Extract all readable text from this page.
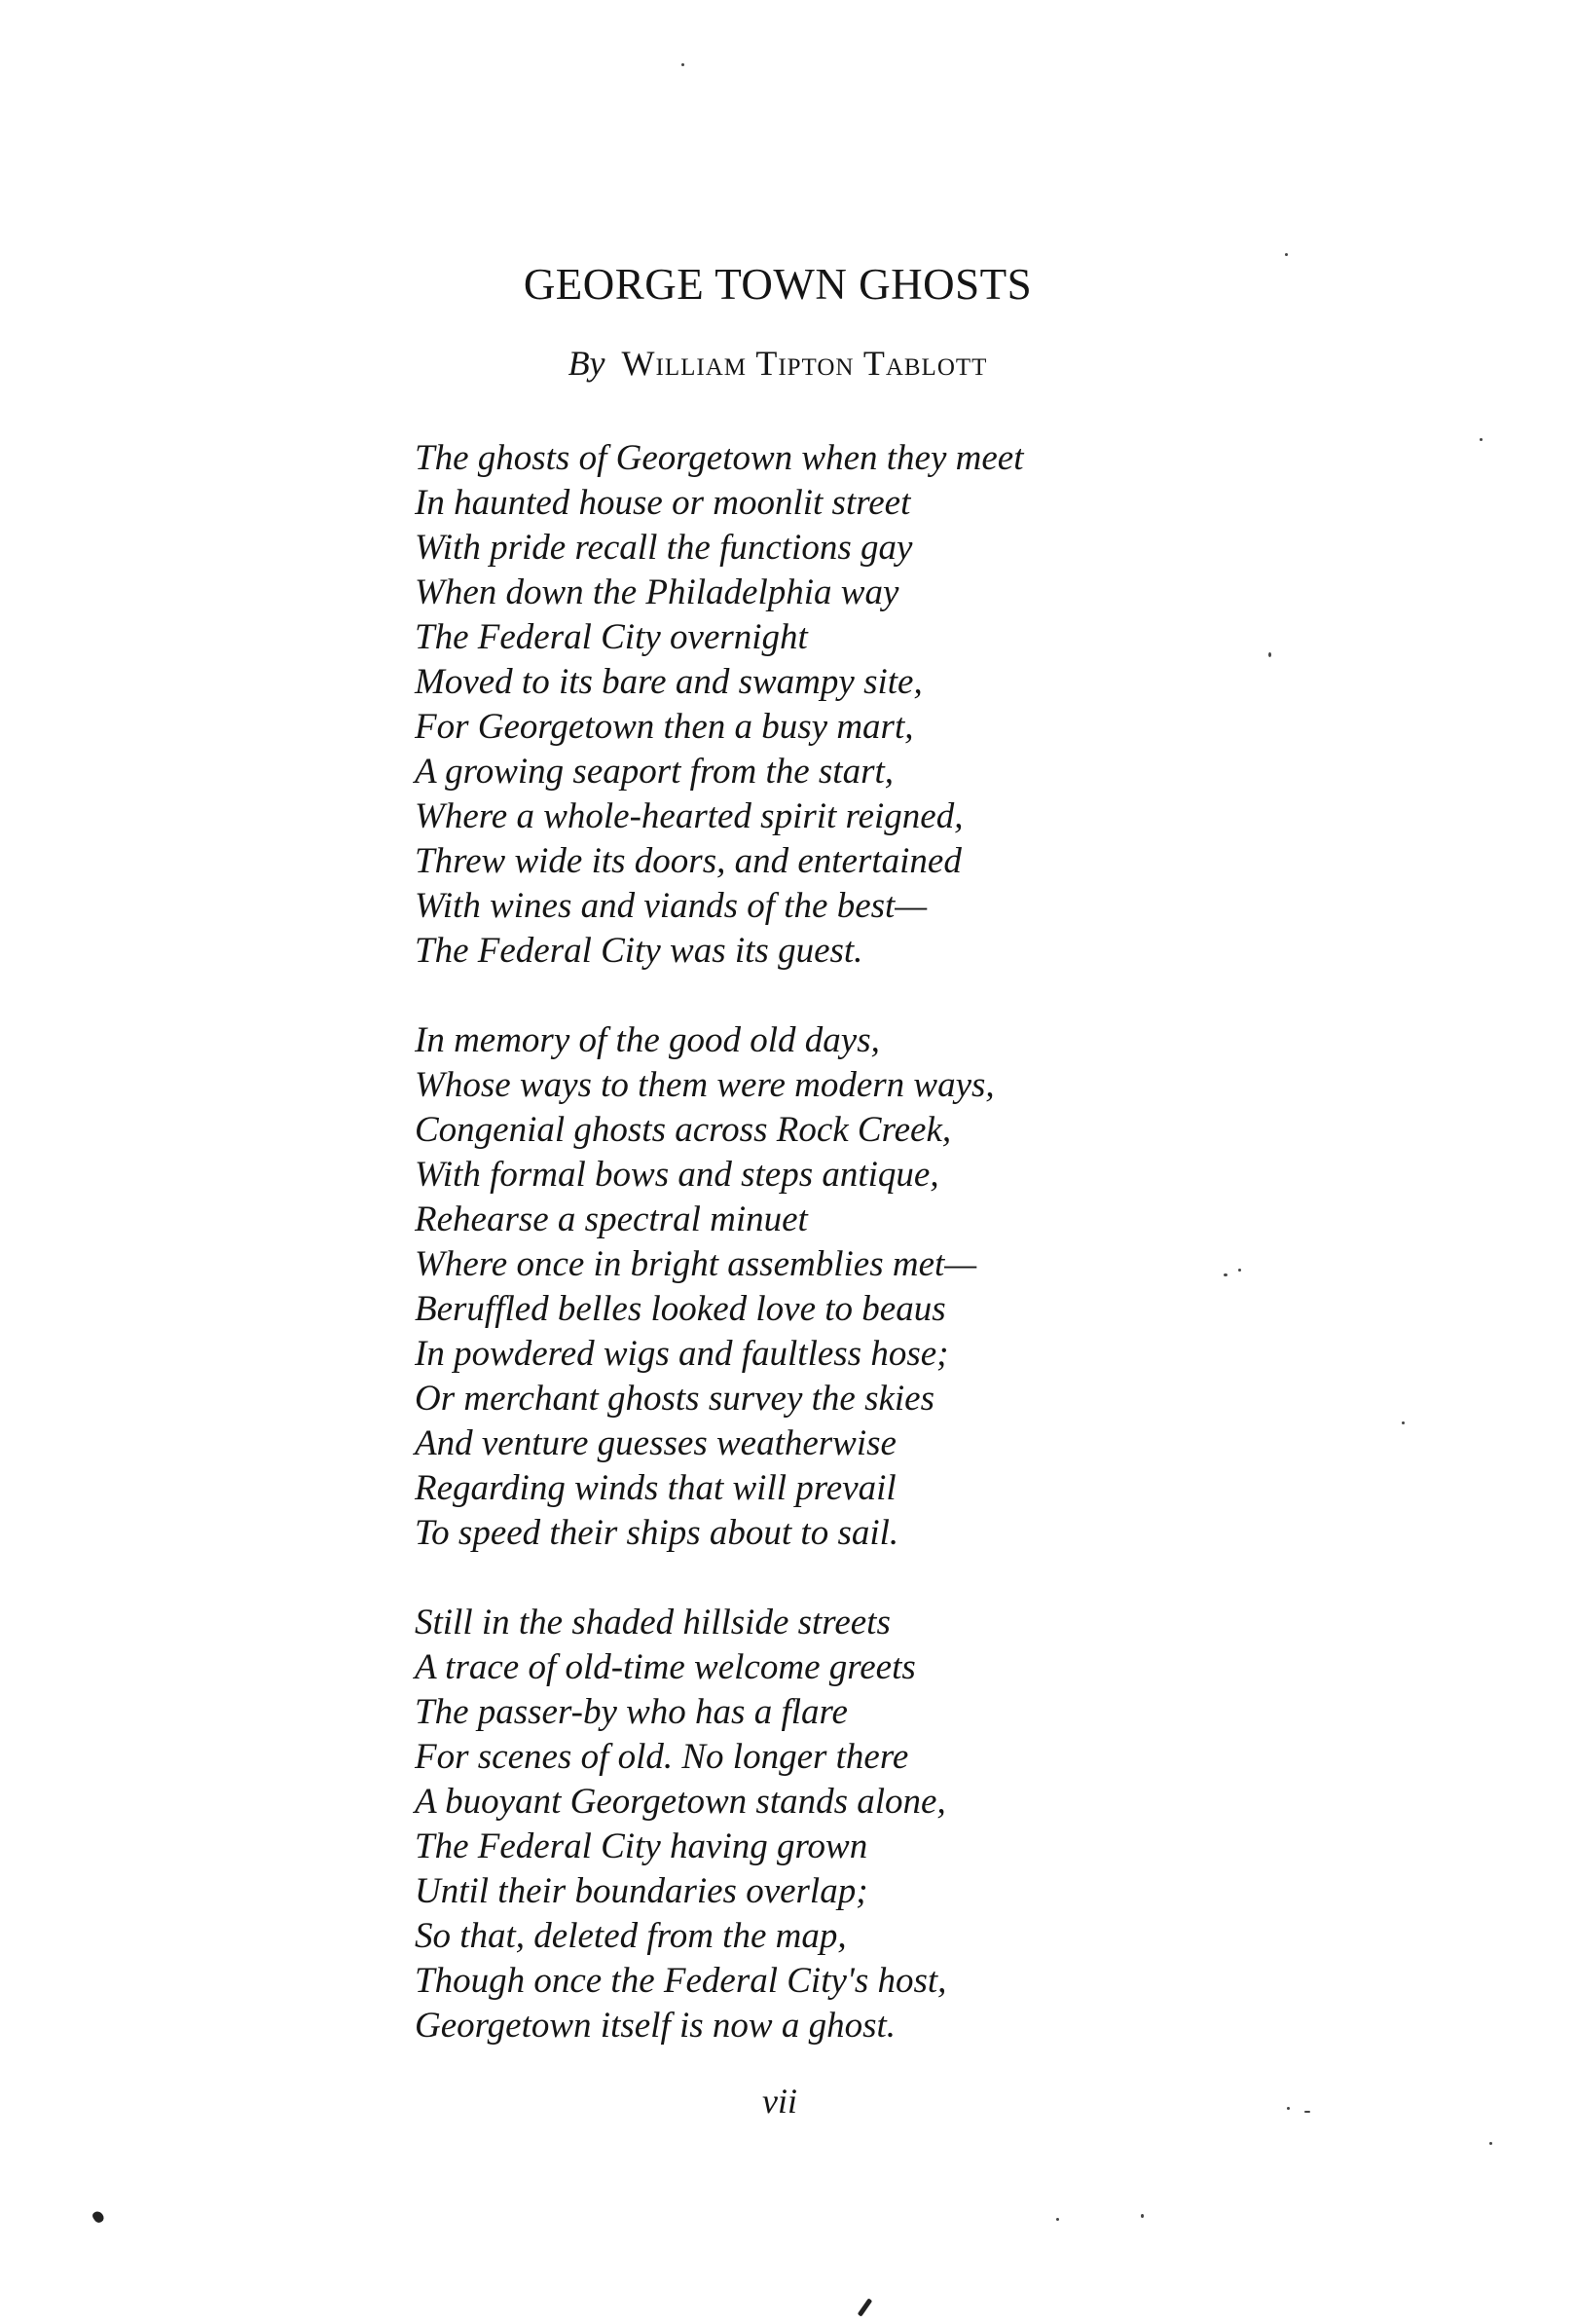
GEORGE TOWN GHOSTS
By William Tipton Tablott
The ghosts of Georgetown when they meet
In haunted house or moonlit street
With pride recall the functions gay
When down the Philadelphia way
The Federal City overnight
Moved to its bare and swampy site,
For Georgetown then a busy mart,
A growing seaport from the start,
Where a whole-hearted spirit reigned,
Threw wide its doors, and entertained
With wines and viands of the best—
The Federal City was its guest.
In memory of the good old days,
Whose ways to them were modern ways,
Congenial ghosts across Rock Creek,
With formal bows and steps antique,
Rehearse a spectral minuet
Where once in bright assemblies met—
Beruffled belles looked love to beaus
In powdered wigs and faultless hose;
Or merchant ghosts survey the skies
And venture guesses weatherwise
Regarding winds that will prevail
To speed their ships about to sail.
Still in the shaded hillside streets
A trace of old-time welcome greets
The passer-by who has a flare
For scenes of old. No longer there
A buoyant Georgetown stands alone,
The Federal City having grown
Until their boundaries overlap;
So that, deleted from the map,
Though once the Federal City's host,
Georgetown itself is now a ghost.
vii
